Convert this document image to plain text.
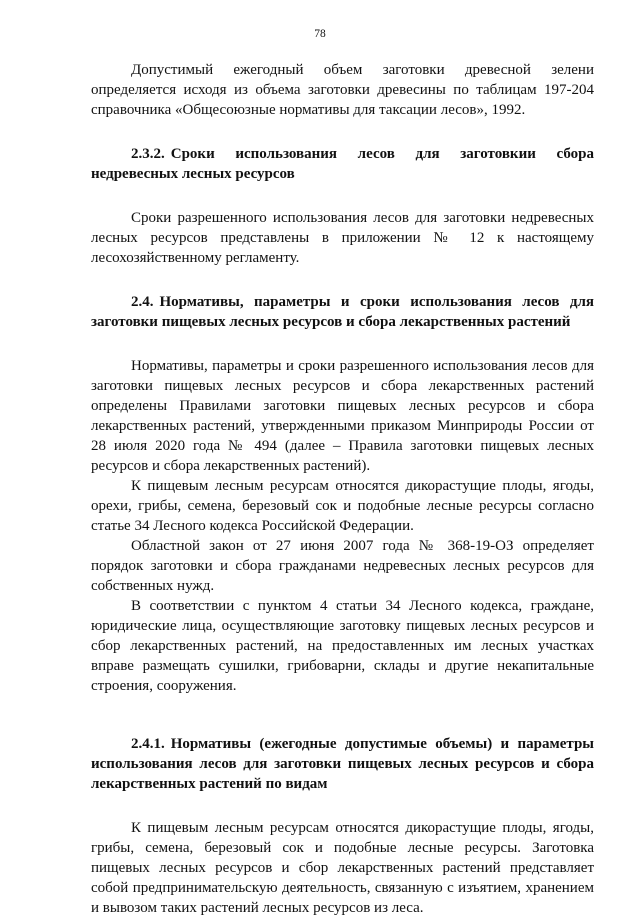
78

Допустимый ежегодный объем заготовки древесной зелени определяется исходя из объема заготовки древесины по таблицам 197-204 справочника «Общесоюзные нормативы для таксации лесов», 1992.

2.3.2. Сроки использования лесов для заготовкии сбора недревесных лесных ресурсов

Сроки разрешенного использования лесов для заготовки недревесных лесных ресурсов представлены в приложении № 12 к настоящему лесохозяйственному регламенту.

2.4. Нормативы, параметры и сроки использования лесов для заготовки пищевых лесных ресурсов и сбора лекарственных растений

Нормативы, параметры и сроки разрешенного использования лесов для заготовки пищевых лесных ресурсов и сбора лекарственных растений определены Правилами заготовки пищевых лесных ресурсов и сбора лекарственных растений, утвержденными приказом Минприроды России от 28 июля 2020 года № 494 (далее – Правила заготовки пищевых лесных ресурсов и сбора лекарственных растений).

К пищевым лесным ресурсам относятся дикорастущие плоды, ягоды, орехи, грибы, семена, березовый сок и подобные лесные ресурсы согласно статье 34 Лесного кодекса Российской Федерации.

Областной закон от 27 июня 2007 года № 368-19-ОЗ определяет порядок заготовки и сбора гражданами недревесных лесных ресурсов для собственных нужд.

В соответствии с пунктом 4 статьи 34 Лесного кодекса, граждане, юридические лица, осуществляющие заготовку пищевых лесных ресурсов и сбор лекарственных растений, на предоставленных им лесных участках вправе размещать сушилки, грибоварни, склады и другие некапитальные строения, сооружения.

2.4.1. Нормативы (ежегодные допустимые объемы) и параметры использования лесов для заготовки пищевых лесных ресурсов и сбора лекарственных растений по видам

К пищевым лесным ресурсам относятся дикорастущие плоды, ягоды, грибы, семена, березовый сок и подобные лесные ресурсы. Заготовка пищевых лесных ресурсов и сбор лекарственных растений представляет собой предпринимательскую деятельность, связанную с изъятием, хранением и вывозом таких растений лесных ресурсов из леса.
